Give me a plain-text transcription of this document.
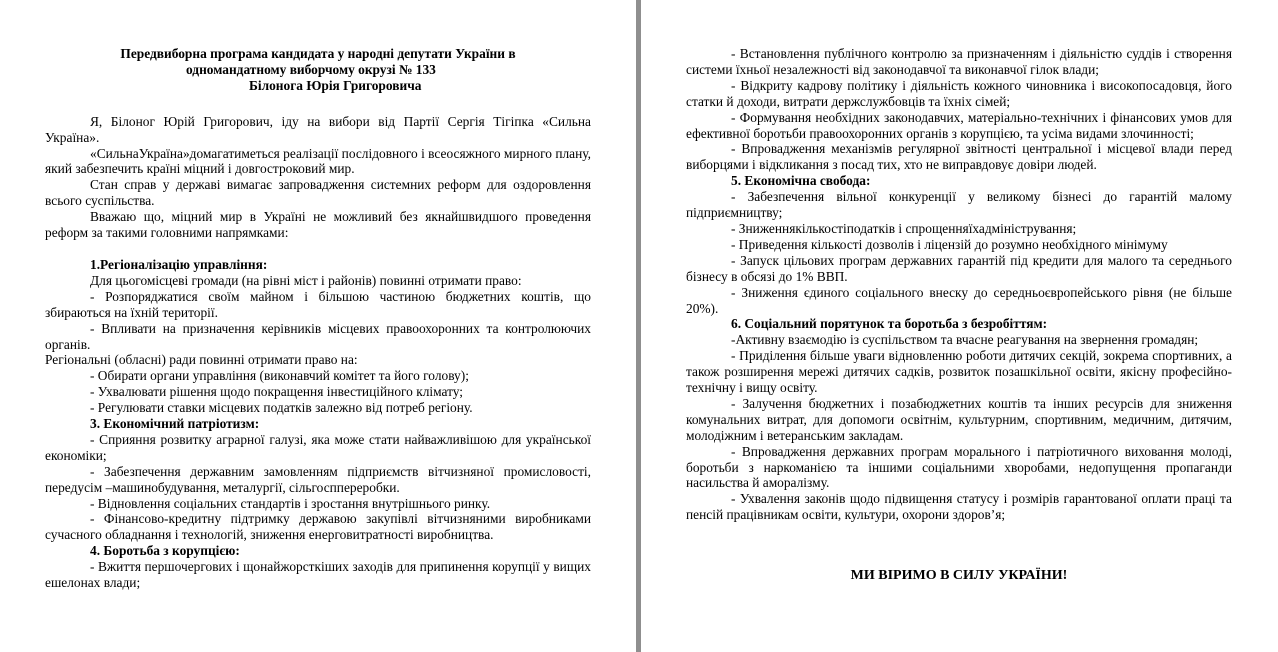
Передвиборна програма кандидата у народні депутати України в

одномандатному виборчому окрузі № 133

Білонога Юрія Григоровича

Я, Білоног Юрій Григорович, іду на вибори від Партії Сергія Тігіпка «Сильна Україна».

«СильнаУкраїна»домагатиметься реалізації послідовного і всеосяжного мирного плану, який забезпечить країні міцний і довгостроковий мир.

Стан справ у державі вимагає запровадження системних реформ для оздоровлення всього суспільства.

Вважаю що, міцний мир в Україні не можливий без якнайшвидшого проведення реформ за такими головними напрямками:

1.Регіоналізацію управління:

Для цьогомісцеві громади (на рівні міст і районів) повинні отримати право:

- Розпоряджатися своїм майном і більшою частиною бюджетних коштів, що збираються на їхній території.

- Впливати на призначення керівників місцевих правоохоронних та контролюючих органів.

Регіональні (обласні) ради повинні отримати право на:

- Обирати органи управління (виконавчий комітет та його голову);

- Ухвалювати рішення щодо покращення інвестиційного клімату;

- Регулювати ставки місцевих податків залежно від потреб регіону.

3. Економічний патріотизм:

- Сприяння розвитку аграрної галузі, яка може стати найважливішою для української економіки;

- Забезпечення державним замовленням підприємств вітчизняної промисловості, передусім –машинобудування, металургії, сільгосппереробки.

- Відновлення соціальних стандартів і зростання внутрішнього ринку.

- Фінансово-кредитну підтримку державою закупівлі вітчизняними виробниками сучасного обладнання і технологій, зниження енерговитратності виробництва.

4. Боротьба з корупцією:

- Вжиття першочергових і щонайжорсткіших заходів для припинення корупції у вищих ешелонах влади;

- Встановлення публічного контролю за призначенням і діяльністю суддів і створення системи їхньої незалежності від законодавчої та виконавчої гілок влади;

- Відкриту кадрову політику і діяльність кожного чиновника і високопосадовця, його статки й доходи, витрати держслужбовців та їхніх сімей;

- Формування необхідних законодавчих, матеріально-технічних і фінансових умов для ефективної боротьби правоохоронних органів з корупцією, та усіма видами злочинності;

- Впровадження механізмів регулярної звітності центральної і місцевої влади перед виборцями і відкликання з посад тих, хто не виправдовує довіри людей.

5. Економічна свобода:

- Забезпечення вільної конкуренції у великому бізнесі до гарантій малому підприємництву;

- Зниженнякількостіподатків і спрощенняїхадміністрування;

- Приведення кількості дозволів і ліцензій до розумно необхідного мінімуму

- Запуск цільових програм державних гарантій під кредити для малого та середнього бізнесу в обсязі до 1% ВВП.

- Зниження єдиного соціального внеску до середньоєвропейського рівня (не більше 20%).

6. Соціальний порятунок та боротьба з безробіттям:

-Активну взаємодію із суспільством та вчасне реагування на звернення громадян;

- Приділення більше уваги відновленню роботи дитячих секцій, зокрема спортивних, а також розширення мережі дитячих садків, розвиток позашкільної освіти, якісну професійно-технічну і вищу освіту.

- Залучення бюджетних і позабюджетних коштів та інших ресурсів для зниження комунальних витрат, для допомоги освітнім, культурним, спортивним, медичним, дитячим, молодіжним і ветеранським закладам.

- Впровадження державних програм морального і патріотичного виховання молоді, боротьби з наркоманією та іншими соціальними хворобами, недопущення пропаганди насильства й аморалізму.

- Ухвалення законів щодо підвищення статусу і розмірів гарантованої оплати праці та пенсій працівникам освіти, культури, охорони здоров’я;

МИ ВІРИМО В СИЛУ УКРАЇНИ!
